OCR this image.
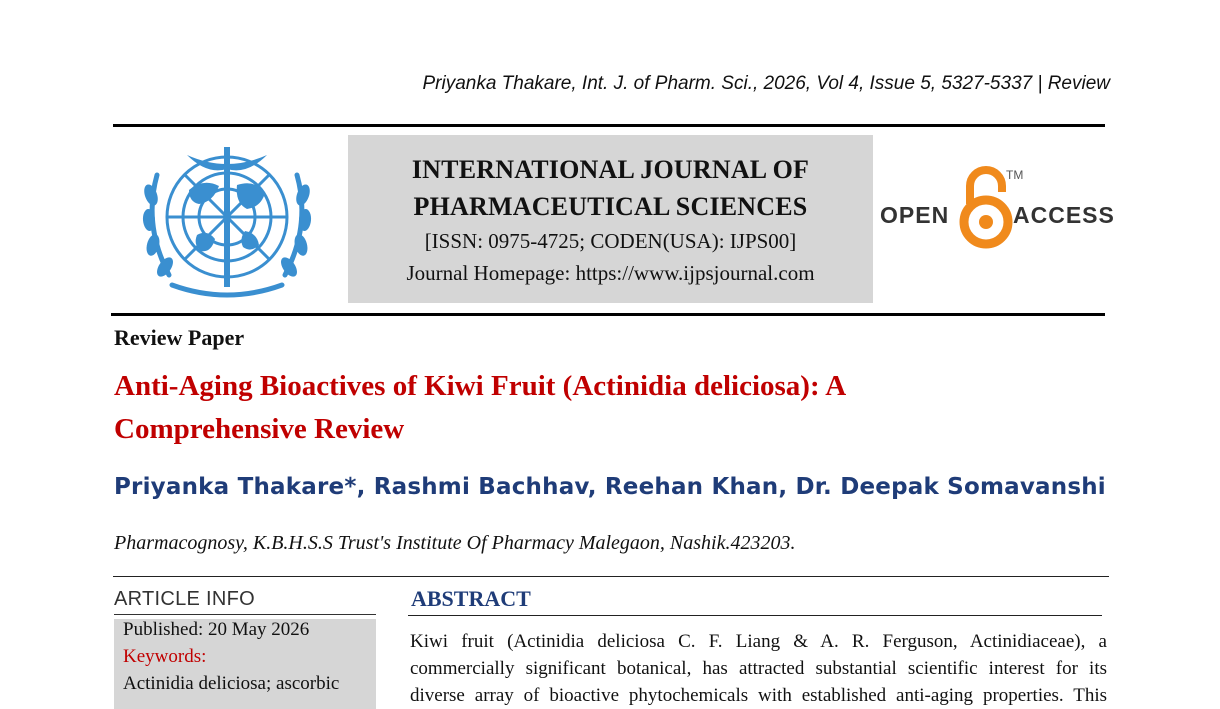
Priyanka Thakare, Int. J. of Pharm. Sci., 2026, Vol 4, Issue 5, 5327-5337 | Review
INTERNATIONAL JOURNAL OF
PHARMACEUTICAL SCIENCES
[ISSN: 0975-4725; CODEN(USA): IJPS00]
Journal Homepage: https://www.ijpsjournal.com
OPEN
TM
ACCESS
Review Paper
Anti-Aging Bioactives of Kiwi Fruit (Actinidia deliciosa): A
Comprehensive Review
Priyanka Thakare*, Rashmi Bachhav, Reehan Khan, Dr. Deepak Somavanshi
Pharmacognosy, K.B.H.S.S Trust's Institute Of Pharmacy Malegaon, Nashik.423203.
ARTICLE INFO
Published: 20 May 2026
Keywords:
Actinidia deliciosa; ascorbic
ABSTRACT
Kiwi fruit (Actinidia deliciosa C. F. Liang & A. R. Ferguson, Actinidiaceae), a
commercially significant botanical, has attracted substantial scientific interest for its
diverse array of bioactive phytochemicals with established anti-aging properties. This
